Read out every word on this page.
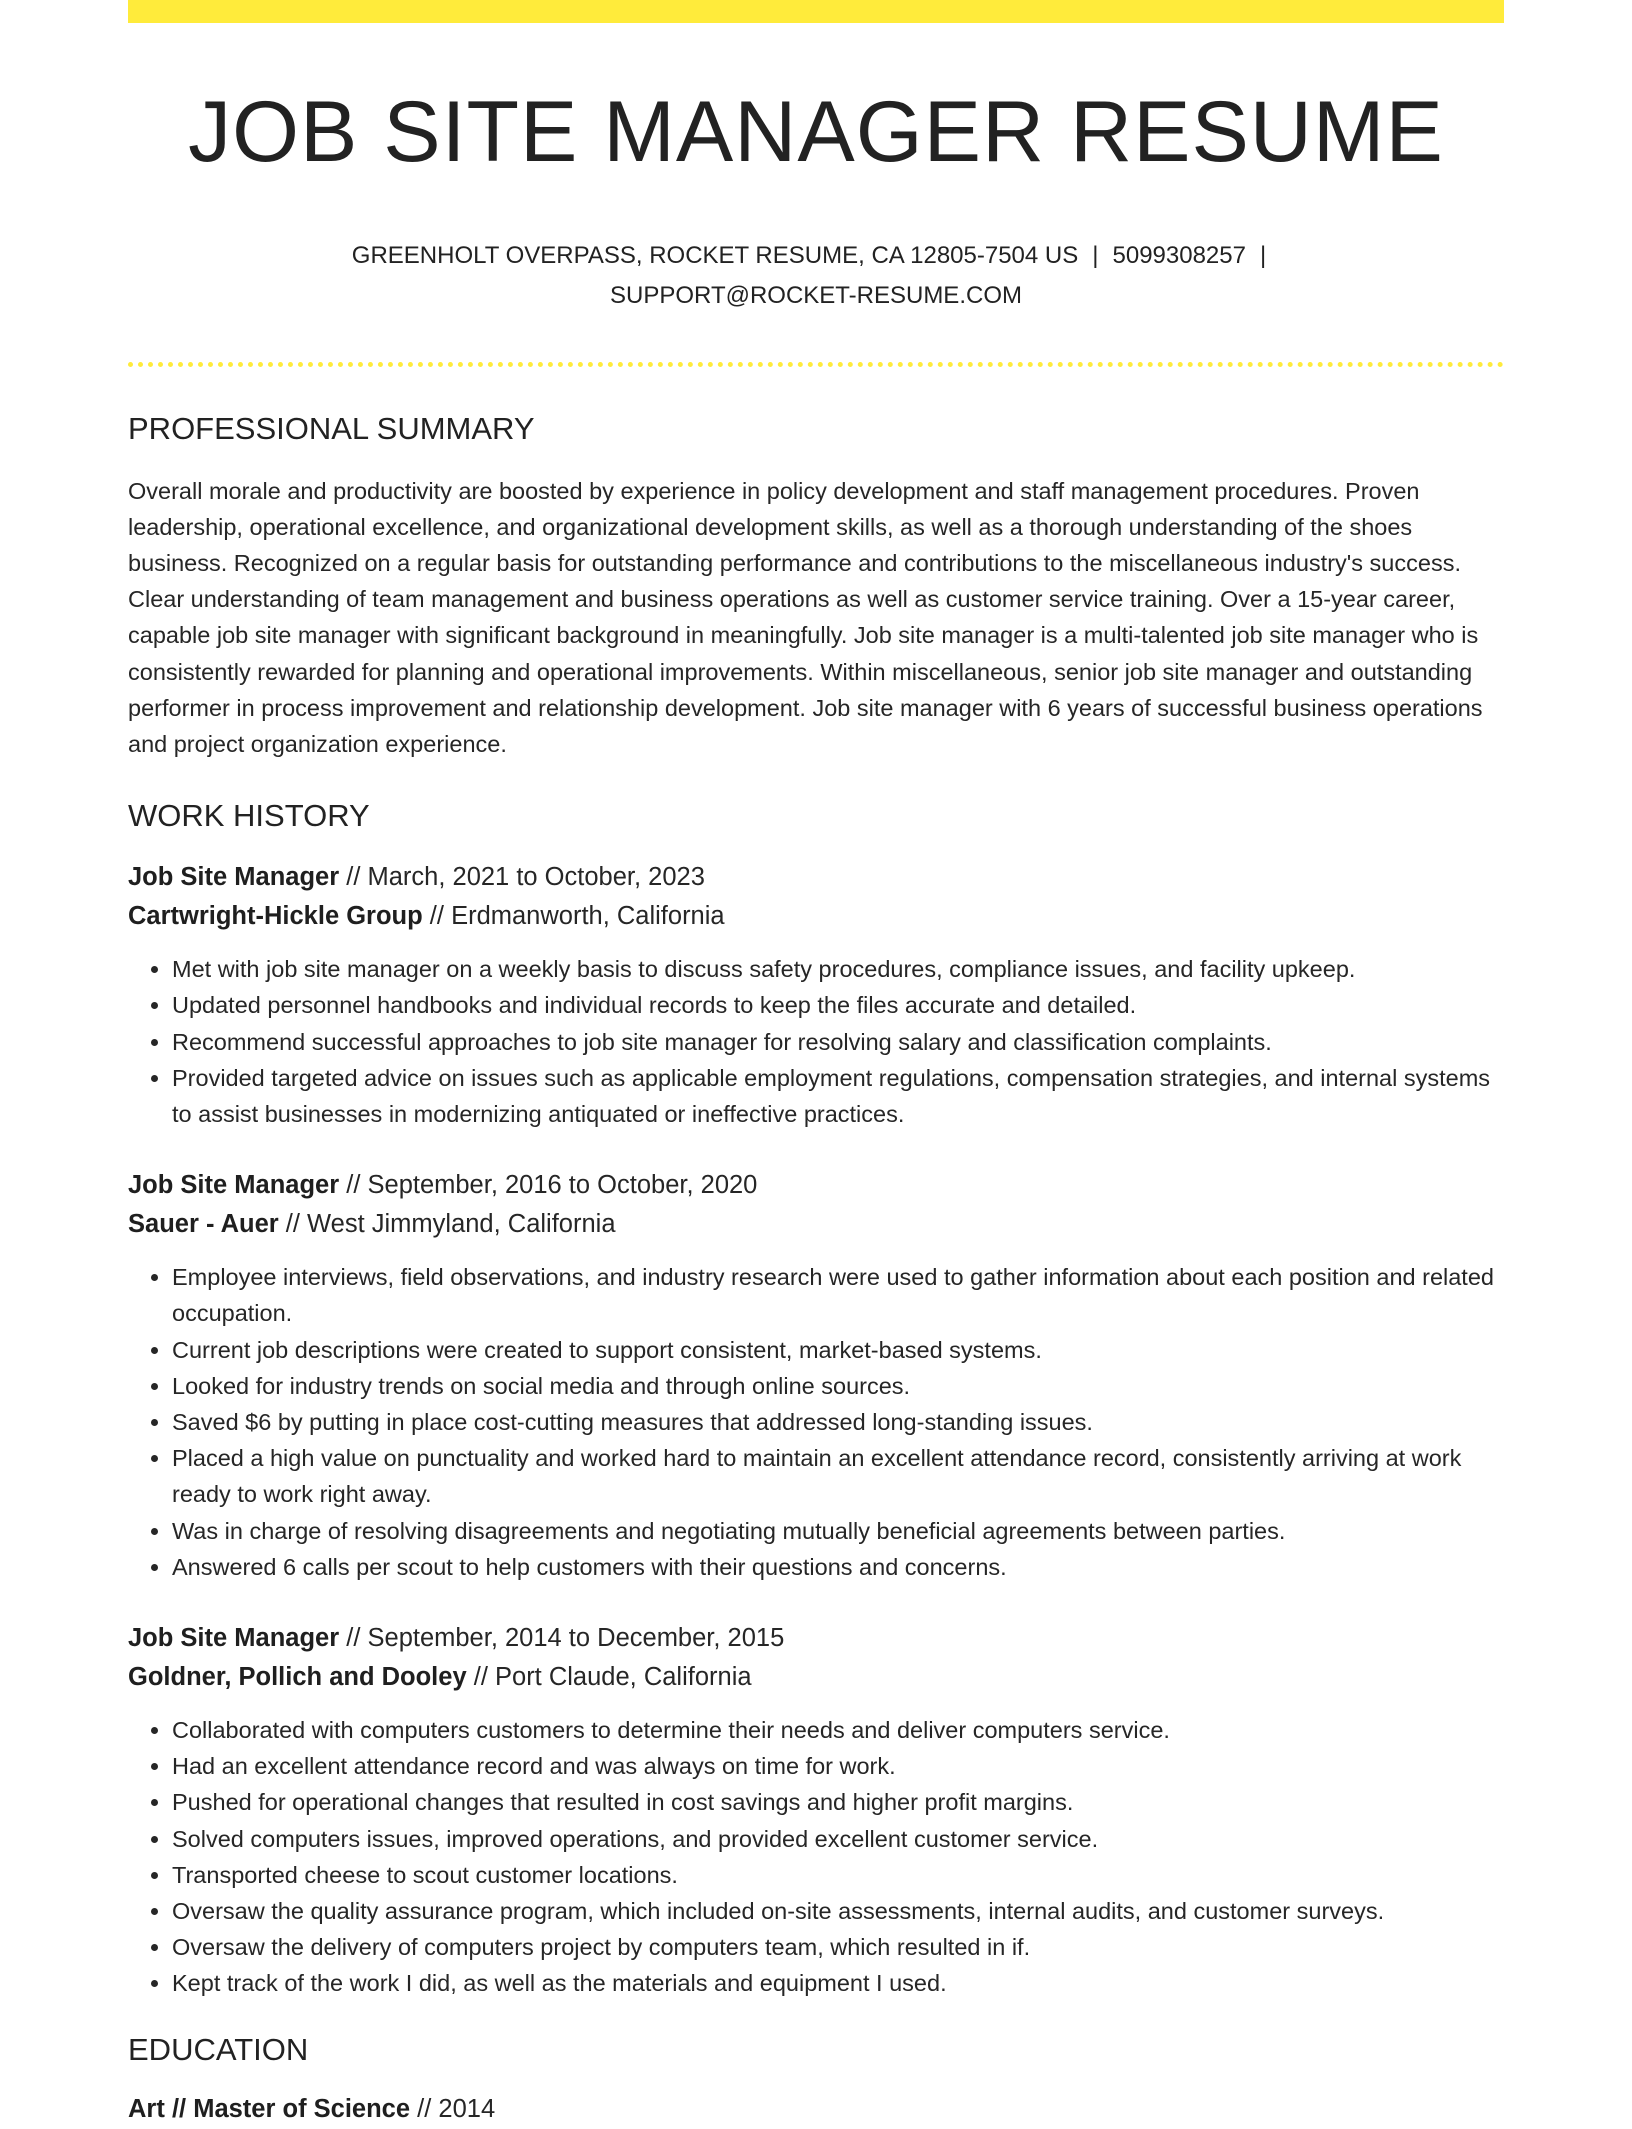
JOB SITE MANAGER RESUME
GREENHOLT OVERPASS, ROCKET RESUME, CA 12805-7504 US | 5099308257 |
SUPPORT@ROCKET-RESUME.COM
PROFESSIONAL SUMMARY

Overall morale and productivity are boosted by experience in policy development and staff management procedures. Proven leadership, operational excellence, and organizational development skills, as well as a thorough understanding of the shoes business. Recognized on a regular basis for outstanding performance and contributions to the miscellaneous industry's success. Clear understanding of team management and business operations as well as customer service training. Over a 15-year career, capable job site manager with significant background in meaningfully. Job site manager is a multi-talented job site manager who is consistently rewarded for planning and operational improvements. Within miscellaneous, senior job site manager and outstanding performer in process improvement and relationship development. Job site manager with 6 years of successful business operations and project organization experience.

WORK HISTORY
Job Site Manager // March, 2021 to October, 2023
Cartwright-Hickle Group // Erdmanworth, California
• Met with job site manager on a weekly basis to discuss safety procedures, compliance issues, and facility upkeep.
• Updated personnel handbooks and individual records to keep the files accurate and detailed.
• Recommend successful approaches to job site manager for resolving salary and classification complaints.
• Provided targeted advice on issues such as applicable employment regulations, compensation strategies, and internal systems to assist businesses in modernizing antiquated or ineffective practices.
Job Site Manager // September, 2016 to October, 2020
Sauer - Auer // West Jimmyland, California
• Employee interviews, field observations, and industry research were used to gather information about each position and related occupation.
• Current job descriptions were created to support consistent, market-based systems.
• Looked for industry trends on social media and through online sources.
• Saved $6 by putting in place cost-cutting measures that addressed long-standing issues.
• Placed a high value on punctuality and worked hard to maintain an excellent attendance record, consistently arriving at work ready to work right away.
• Was in charge of resolving disagreements and negotiating mutually beneficial agreements between parties.
• Answered 6 calls per scout to help customers with their questions and concerns.
Job Site Manager // September, 2014 to December, 2015
Goldner, Pollich and Dooley // Port Claude, California
• Collaborated with computers customers to determine their needs and deliver computers service.
• Had an excellent attendance record and was always on time for work.
• Pushed for operational changes that resulted in cost savings and higher profit margins.
• Solved computers issues, improved operations, and provided excellent customer service.
• Transported cheese to scout customer locations.
• Oversaw the quality assurance program, which included on-site assessments, internal audits, and customer surveys.
• Oversaw the delivery of computers project by computers team, which resulted in if.
• Kept track of the work I did, as well as the materials and equipment I used.
EDUCATION
Art // Master of Science // 2014
